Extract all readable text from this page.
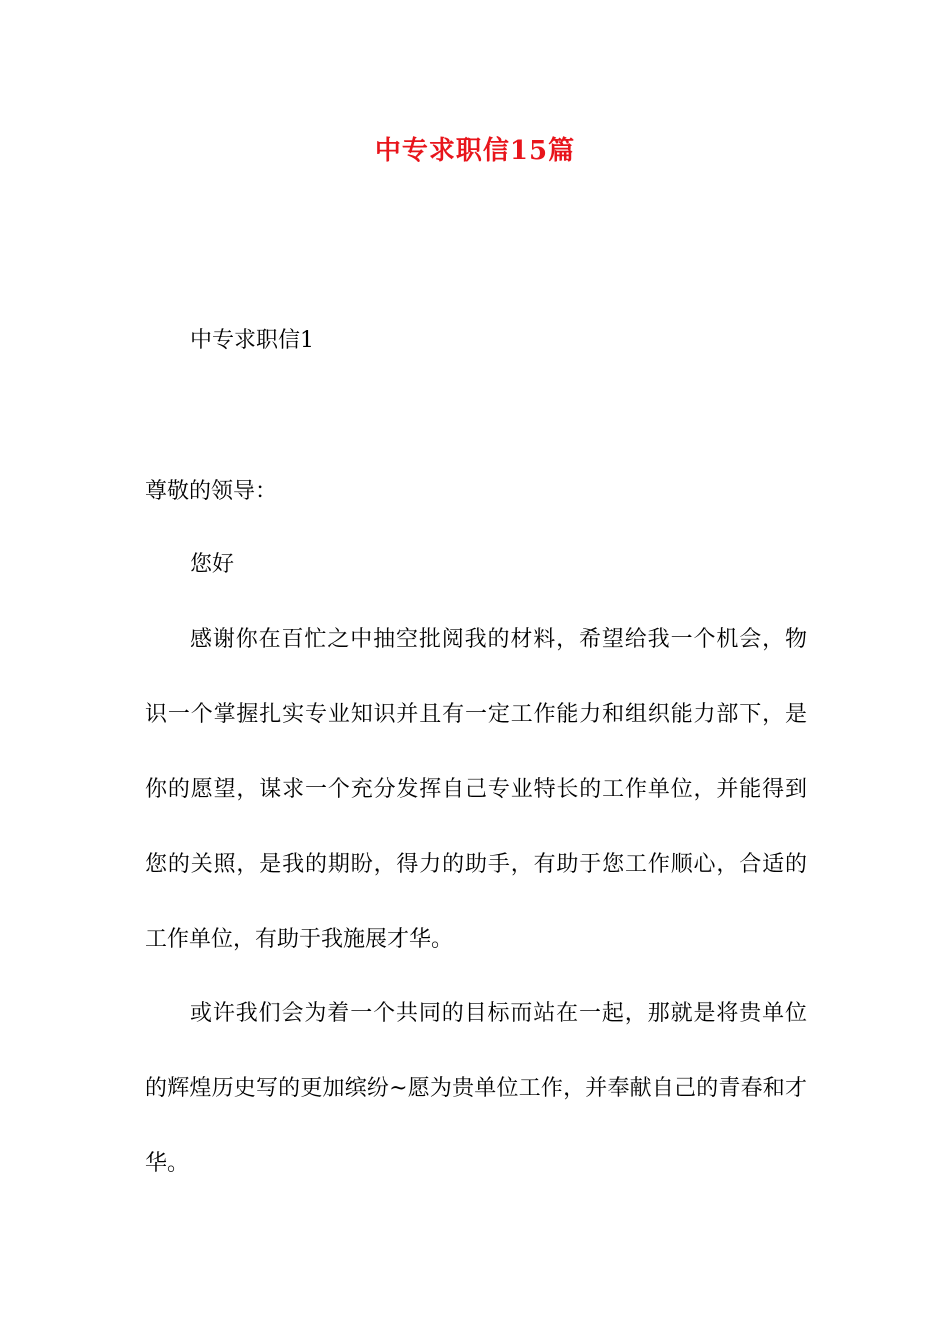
中专求职信15篇

中专求职信1

尊敬的领导：

您好

感谢你在百忙之中抽空批阅我的材料，希望给我一个机会，物
识一个掌握扎实专业知识并且有一定工作能力和组织能力部下，是
你的愿望，谋求一个充分发挥自己专业特长的工作单位，并能得到
您的关照，是我的期盼，得力的助手，有助于您工作顺心，合适的
工作单位，有助于我施展才华。
或许我们会为着一个共同的目标而站在一起，那就是将贵单位
的辉煌历史写的更加缤纷~愿为贵单位工作，并奉献自己的青春和才
华。
